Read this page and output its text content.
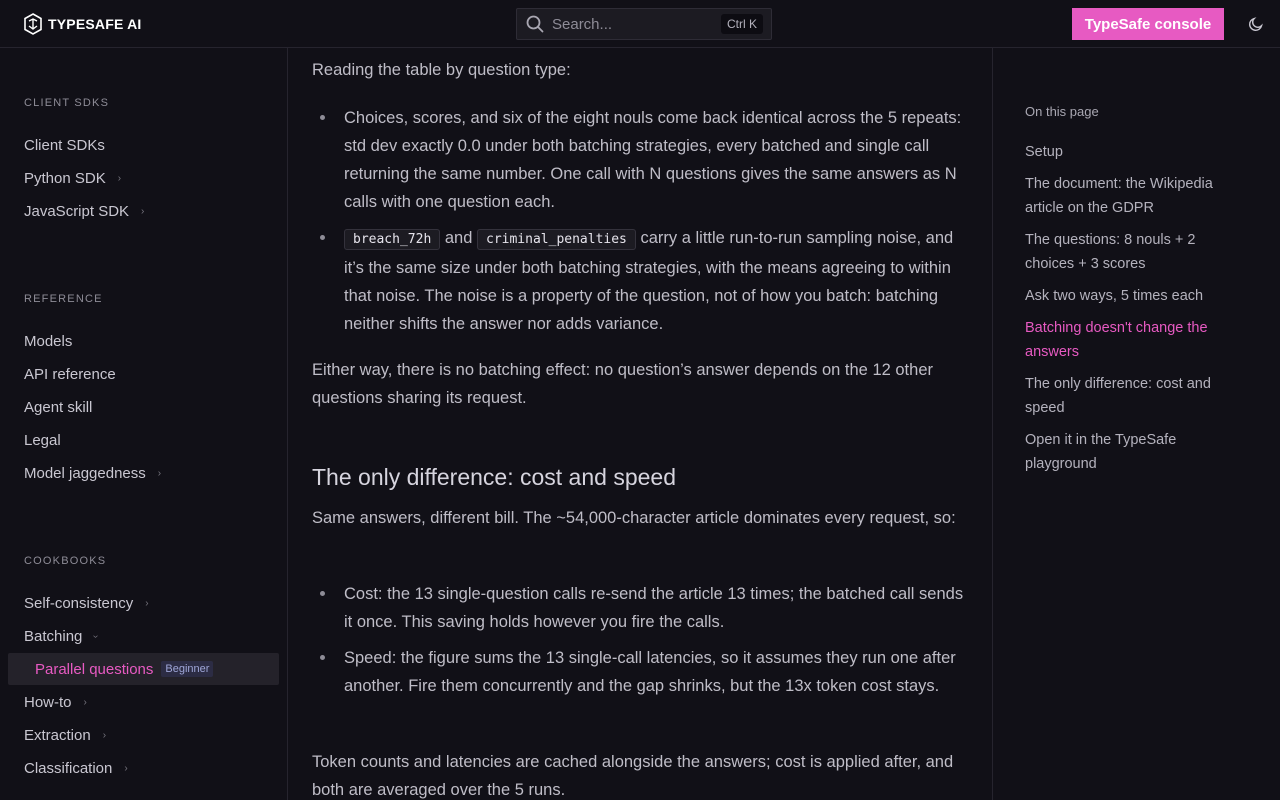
TYPESAFE AI	Search...	Ctrl K	TypeSafe console
CLIENT SDKS
Client SDKs
Python SDK ›
JavaScript SDK ›
REFERENCE
Models
API reference
Agent skill
Legal
Model jaggedness ›
COOKBOOKS
Self-consistency ›
Batching ›
Parallel questions	Beginner
How-to ›
Extraction ›
Classification ›

Reading the table by question type:

Choices, scores, and six of the eight nouls come back identical across the 5 repeats: std dev exactly 0.0 under both batching strategies, every batched and single call returning the same number. One call with N questions gives the same answers as N calls with one question each.

breach_72h and criminal_penalties carry a little run-to-run sampling noise, and it’s the same size under both batching strategies, with the means agreeing to within that noise. The noise is a property of the question, not of how you batch: batching neither shifts the answer nor adds variance.

Either way, there is no batching effect: no question’s answer depends on the 12 other questions sharing its request.

The only difference: cost and speed

Same answers, different bill. The ~54,000-character article dominates every request, so:

Cost: the 13 single-question calls re-send the article 13 times; the batched call sends it once. This saving holds however you fire the calls.

Speed: the figure sums the 13 single-call latencies, so it assumes they run one after another. Fire them concurrently and the gap shrinks, but the 13x token cost stays.

Token counts and latencies are cached alongside the answers; cost is applied after, and both are averaged over the 5 runs.

On this page
Setup
The document: the Wikipedia article on the GDPR
The questions: 8 nouls + 2 choices + 3 scores
Ask two ways, 5 times each
Batching doesn't change the answers
The only difference: cost and speed
Open it in the TypeSafe playground
